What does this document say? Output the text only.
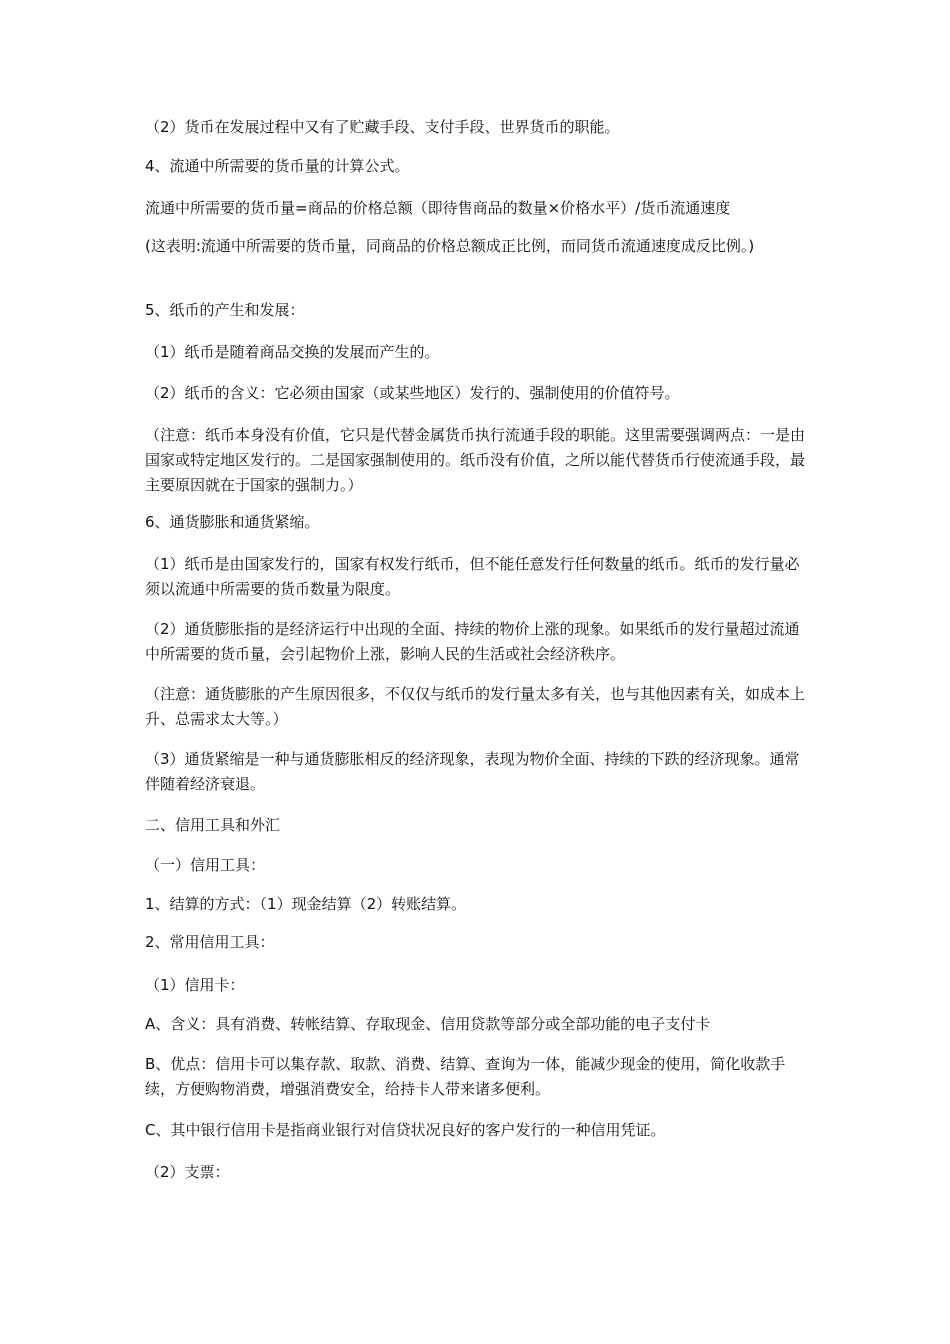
（2）货币在发展过程中又有了贮藏手段、支付手段、世界货币的职能。

4、流通中所需要的货币量的计算公式。

流通中所需要的货币量=商品的价格总额（即待售商品的数量×价格水平）/货币流通速度

(这表明:流通中所需要的货币量，同商品的价格总额成正比例，而同货币流通速度成反比例。)

5、纸币的产生和发展：

（1）纸币是随着商品交换的发展而产生的。

（2）纸币的含义：它必须由国家（或某些地区）发行的、强制使用的价值符号。

（注意：纸币本身没有价值，它只是代替金属货币执行流通手段的职能。这里需要强调两点：一是由国家或特定地区发行的。二是国家强制使用的。纸币没有价值，之所以能代替货币行使流通手段，最主要原因就在于国家的强制力。）

6、通货膨胀和通货紧缩。

（1）纸币是由国家发行的，国家有权发行纸币，但不能任意发行任何数量的纸币。纸币的发行量必须以流通中所需要的货币数量为限度。

（2）通货膨胀指的是经济运行中出现的全面、持续的物价上涨的现象。如果纸币的发行量超过流通中所需要的货币量，会引起物价上涨，影响人民的生活或社会经济秩序。

（注意：通货膨胀的产生原因很多，不仅仅与纸币的发行量太多有关，也与其他因素有关，如成本上升、总需求太大等。）

（3）通货紧缩是一种与通货膨胀相反的经济现象，表现为物价全面、持续的下跌的经济现象。通常伴随着经济衰退。

二、信用工具和外汇

（一）信用工具：

1、结算的方式：（1）现金结算（2）转账结算。

2、常用信用工具：

（1）信用卡：

A、含义：具有消费、转帐结算、存取现金、信用贷款等部分或全部功能的电子支付卡

B、优点：信用卡可以集存款、取款、消费、结算、查询为一体，能减少现金的使用，简化收款手续，方便购物消费，增强消费安全，给持卡人带来诸多便利。

C、其中银行信用卡是指商业银行对信贷状况良好的客户发行的一种信用凭证。

（2）支票：
